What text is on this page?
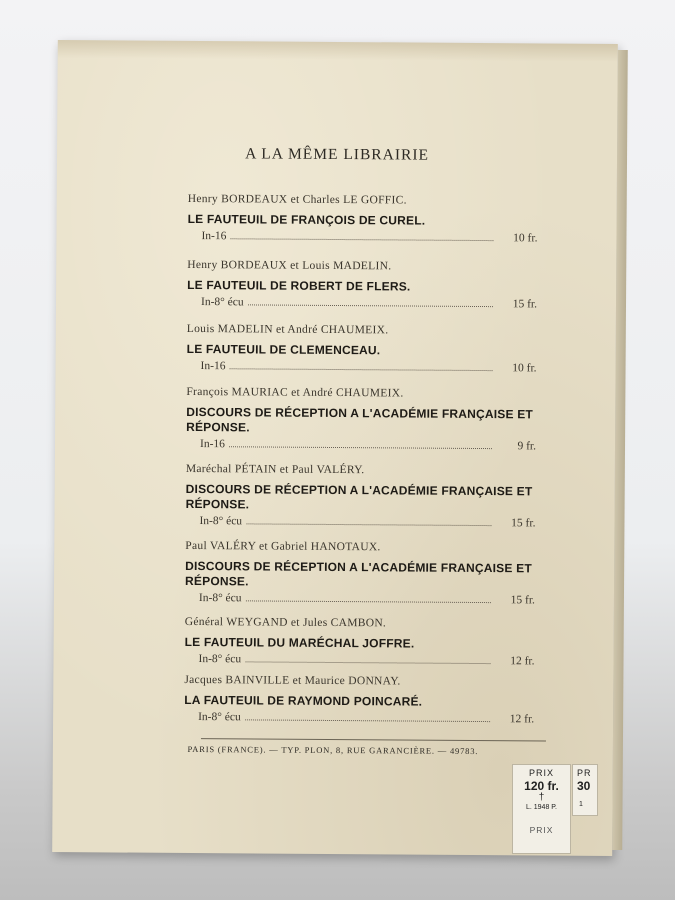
A LA MÊME LIBRAIRIE
Henry BORDEAUX et Charles LE GOFFIC.
LE FAUTEUIL DE FRANÇOIS DE CUREL.
In-16	10 fr.
Henry BORDEAUX et Louis MADELIN.
LE FAUTEUIL DE ROBERT DE FLERS.
In-8° écu	15 fr.
Louis MADELIN et André CHAUMEIX.
LE FAUTEUIL DE CLEMENCEAU.
In-16	10 fr.
François MAURIAC et André CHAUMEIX.
DISCOURS DE RÉCEPTION A L'ACADÉMIE FRANÇAISE ET RÉPONSE.
In-16	9 fr.
Maréchal PÉTAIN et Paul VALÉRY.
DISCOURS DE RÉCEPTION A L'ACADÉMIE FRANÇAISE ET RÉPONSE.
In-8° écu	15 fr.
Paul VALÉRY et Gabriel HANOTAUX.
DISCOURS DE RÉCEPTION A L'ACADÉMIE FRANÇAISE ET RÉPONSE.
In-8° écu	15 fr.
Général WEYGAND et Jules CAMBON.
LE FAUTEUIL DU MARÉCHAL JOFFRE.
In-8° écu	12 fr.
Jacques BAINVILLE et Maurice DONNAY.
LA FAUTEUIL DE RAYMOND POINCARÉ.
In-8° écu	12 fr.
PARIS (FRANCE). — TYP. PLON, 8, RUE GARANCIÈRE. — 49783.
PRIX
120 fr.
†
L. 1948 P.
PRIX
PR
30
1
